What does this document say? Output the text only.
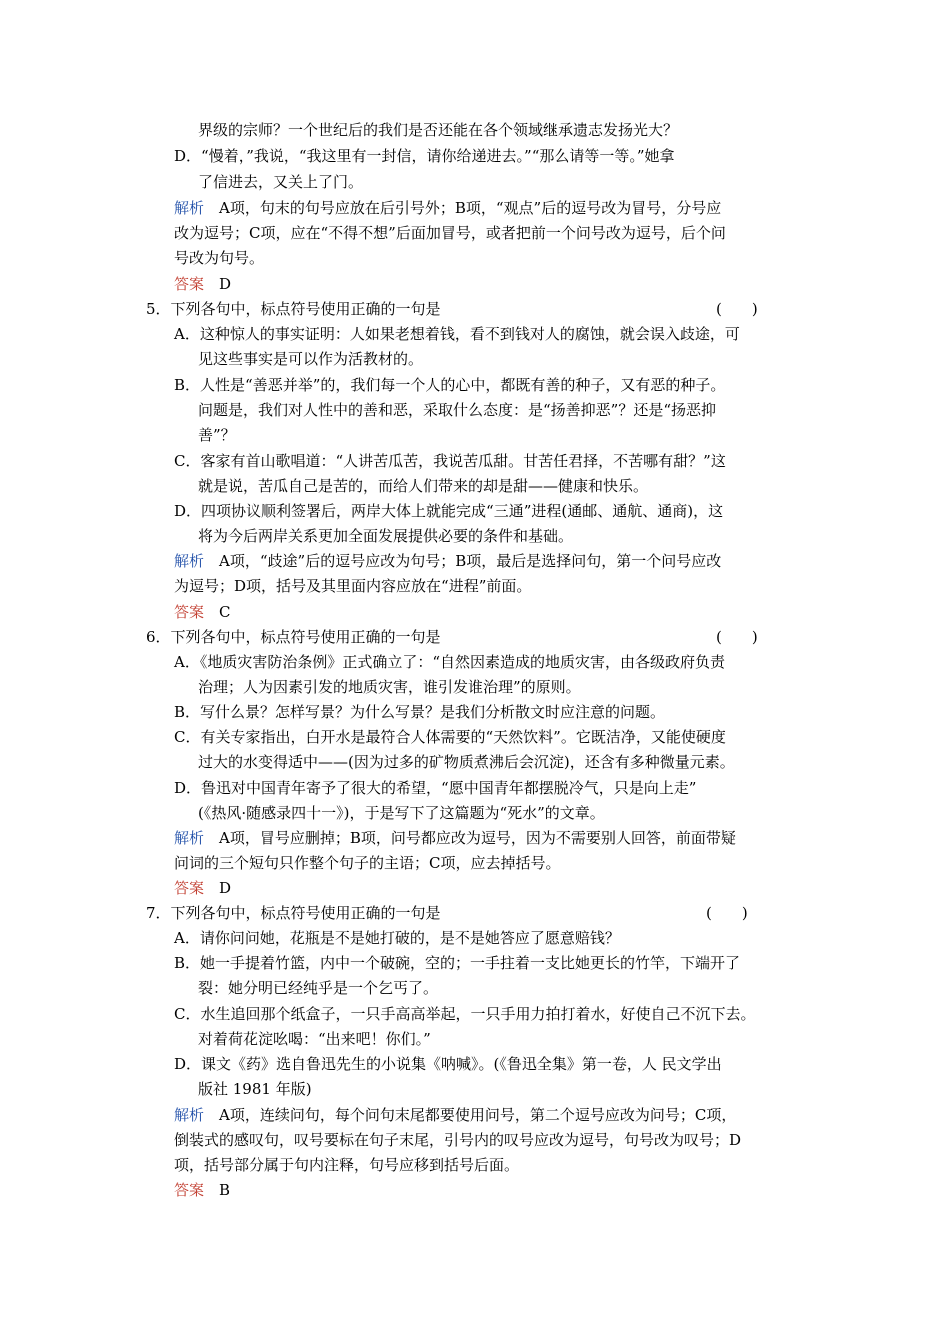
界级的宗师？一个世纪后的我们是否还能在各个领域继承遗志发扬光大？
D．“慢着，”我说，“我这里有一封信，请你给递进去。”“那么请等一等。”她拿
了信进去，又关上了门。
解析　 A项，句末的句号应放在后引号外；B项，“观点”后的逗号改为冒号，分号应
改为逗号；C项，应在“不得不想”后面加冒号，或者把前一个问号改为逗号，后个问
号改为句号。
答案　 D
5．下列各句中，标点符号使用正确的一句是	(　　)
A．这种惊人的事实证明：人如果老想着钱，看不到钱对人的腐蚀，就会误入歧途，可
见这些事实是可以作为活教材的。
B．人性是“善恶并举”的，我们每一个人的心中，都既有善的种子，又有恶的种子。
问题是，我们对人性中的善和恶，采取什么态度：是“扬善抑恶”？还是“扬恶抑
善”？
C．客家有首山歌唱道：“人讲苦瓜苦，我说苦瓜甜。甘苦任君择，不苦哪有甜？”这
就是说，苦瓜自己是苦的，而给人们带来的却是甜——健康和快乐。
D．四项协议顺利签署后，两岸大体上就能完成“三通”进程(通邮、通航、通商)，这
将为今后两岸关系更加全面发展提供必要的条件和基础。
解析　 A项，“歧途”后的逗号应改为句号；B项，最后是选择问句，第一个问号应改
为逗号；D项，括号及其里面内容应放在“进程”前面。
答案　 C
6．下列各句中，标点符号使用正确的一句是	(　　)
A．《地质灾害防治条例》正式确立了：“自然因素造成的地质灾害，由各级政府负责
治理；人为因素引发的地质灾害，谁引发谁治理”的原则。
B．写什么景？怎样写景？为什么写景？是我们分析散文时应注意的问题。
C．有关专家指出，白开水是最符合人体需要的“天然饮料”。它既洁净，又能使硬度
过大的水变得适中——(因为过多的矿物质煮沸后会沉淀)，还含有多种微量元素。
D．鲁迅对中国青年寄予了很大的希望，“愿中国青年都摆脱冷气，只是向上走”
(《热风·随感录四十一》)，于是写下了这篇题为“死水”的文章。
解析　 A项，冒号应删掉；B项，问号都应改为逗号，因为不需要别人回答，前面带疑
问词的三个短句只作整个句子的主语；C项，应去掉括号。
答案　 D
7．下列各句中，标点符号使用正确的一句是	(　　)
A．请你问问她，花瓶是不是她打破的，是不是她答应了愿意赔钱？
B．她一手提着竹篮，内中一个破碗，空的；一手拄着一支比她更长的竹竿，下端开了
裂：她分明已经纯乎是一个乞丐了。
C．水生追回那个纸盒子，一只手高高举起，一只手用力拍打着水，好使自己不沉下去。
对着荷花淀吆喝：“出来吧！你们。”
D．课文《药》选自鲁迅先生的小说集《呐喊》。(《鲁迅全集》第一卷，人 民文学出
版社 1981 年版)
解析　 A项，连续问句，每个问句末尾都要使用问号，第二个逗号应改为问号；C项，
倒装式的感叹句，叹号要标在句子末尾，引号内的叹号应改为逗号，句号改为叹号；D
项，括号部分属于句内注释，句号应移到括号后面。
答案　 B
